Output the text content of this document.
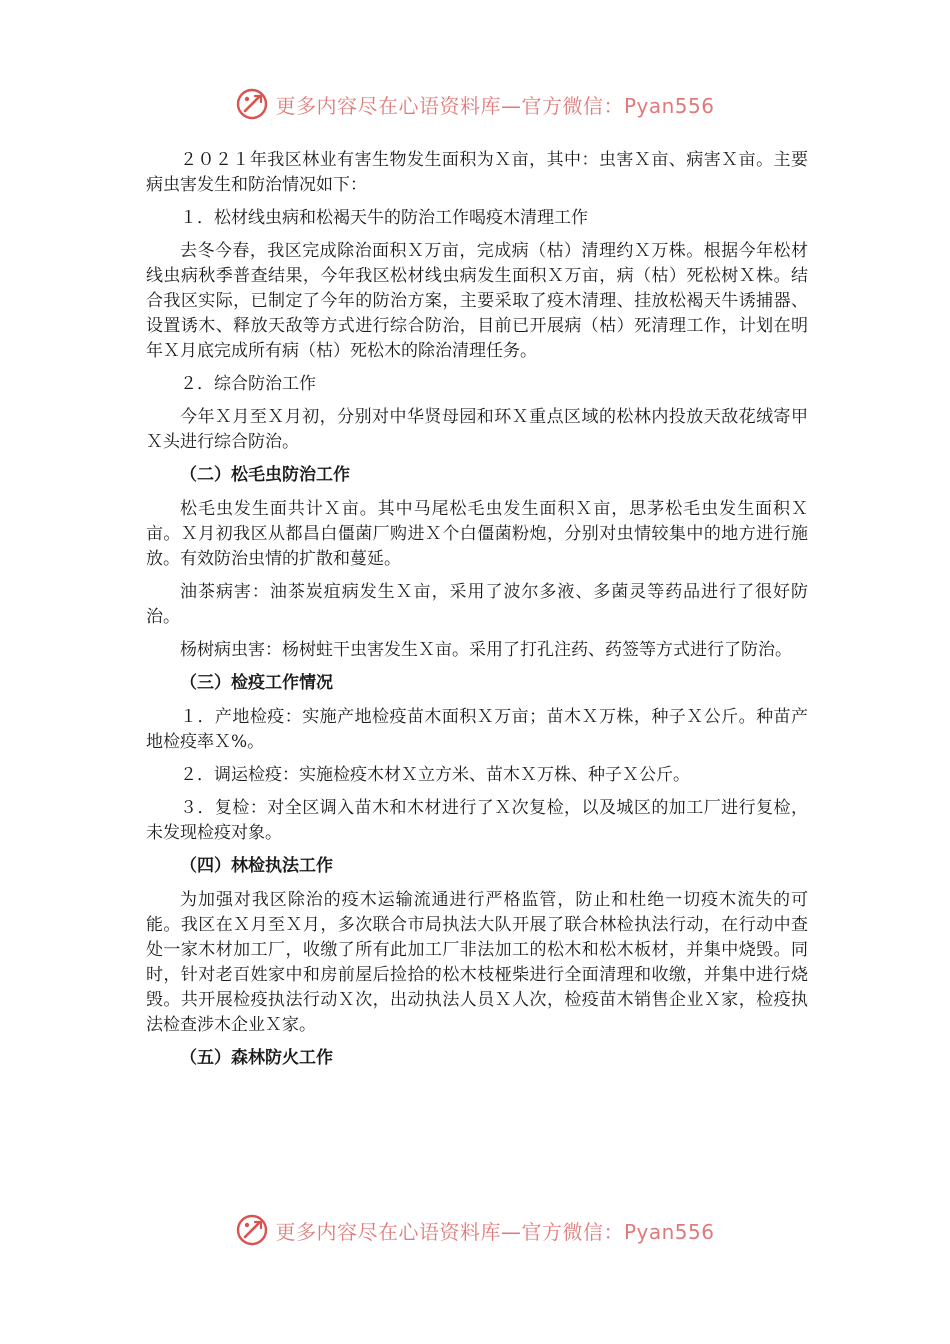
更多内容尽在心语资料库—官方微信：Pyan556

２０２１年我区林业有害生物发生面积为Ｘ亩，其中：虫害Ｘ亩、病害Ｘ亩。主要病虫害发生和防治情况如下：

１．松材线虫病和松褐天牛的防治工作喝疫木清理工作

去冬今春，我区完成除治面积Ｘ万亩，完成病（枯）清理约Ｘ万株。根据今年松材线虫病秋季普查结果，今年我区松材线虫病发生面积Ｘ万亩，病（枯）死松树Ｘ株。结合我区实际，已制定了今年的防治方案，主要采取了疫木清理、挂放松褐天牛诱捕器、设置诱木、释放天敌等方式进行综合防治，目前已开展病（枯）死清理工作，计划在明年Ｘ月底完成所有病（枯）死松木的除治清理任务。

２．综合防治工作

今年Ｘ月至Ｘ月初，分别对中华贤母园和环Ｘ重点区域的松林内投放天敌花绒寄甲Ｘ头进行综合防治。

（二）松毛虫防治工作

松毛虫发生面共计Ｘ亩。其中马尾松毛虫发生面积Ｘ亩，思茅松毛虫发生面积Ｘ亩。Ｘ月初我区从都昌白僵菌厂购进Ｘ个白僵菌粉炮，分别对虫情较集中的地方进行施放。有效防治虫情的扩散和蔓延。

油茶病害：油茶炭疽病发生Ｘ亩，采用了波尔多液、多菌灵等药品进行了很好防治。

杨树病虫害：杨树蛀干虫害发生Ｘ亩。采用了打孔注药、药签等方式进行了防治。

（三）检疫工作情况

１．产地检疫：实施产地检疫苗木面积Ｘ万亩；苗木Ｘ万株，种子Ｘ公斤。种苗产地检疫率Ｘ%。

２．调运检疫：实施检疫木材Ｘ立方米、苗木Ｘ万株、种子Ｘ公斤。

３．复检：对全区调入苗木和木材进行了Ｘ次复检，以及城区的加工厂进行复检，未发现检疫对象。

（四）林检执法工作

为加强对我区除治的疫木运输流通进行严格监管，防止和杜绝一切疫木流失的可能。我区在Ｘ月至Ｘ月，多次联合市局执法大队开展了联合林检执法行动，在行动中查处一家木材加工厂，收缴了所有此加工厂非法加工的松木和松木板材，并集中烧毁。同时，针对老百姓家中和房前屋后捡拾的松木枝桠柴进行全面清理和收缴，并集中进行烧毁。共开展检疫执法行动Ｘ次，出动执法人员Ｘ人次，检疫苗木销售企业Ｘ家，检疫执法检查涉木企业Ｘ家。

（五）森林防火工作

更多内容尽在心语资料库—官方微信：Pyan556
